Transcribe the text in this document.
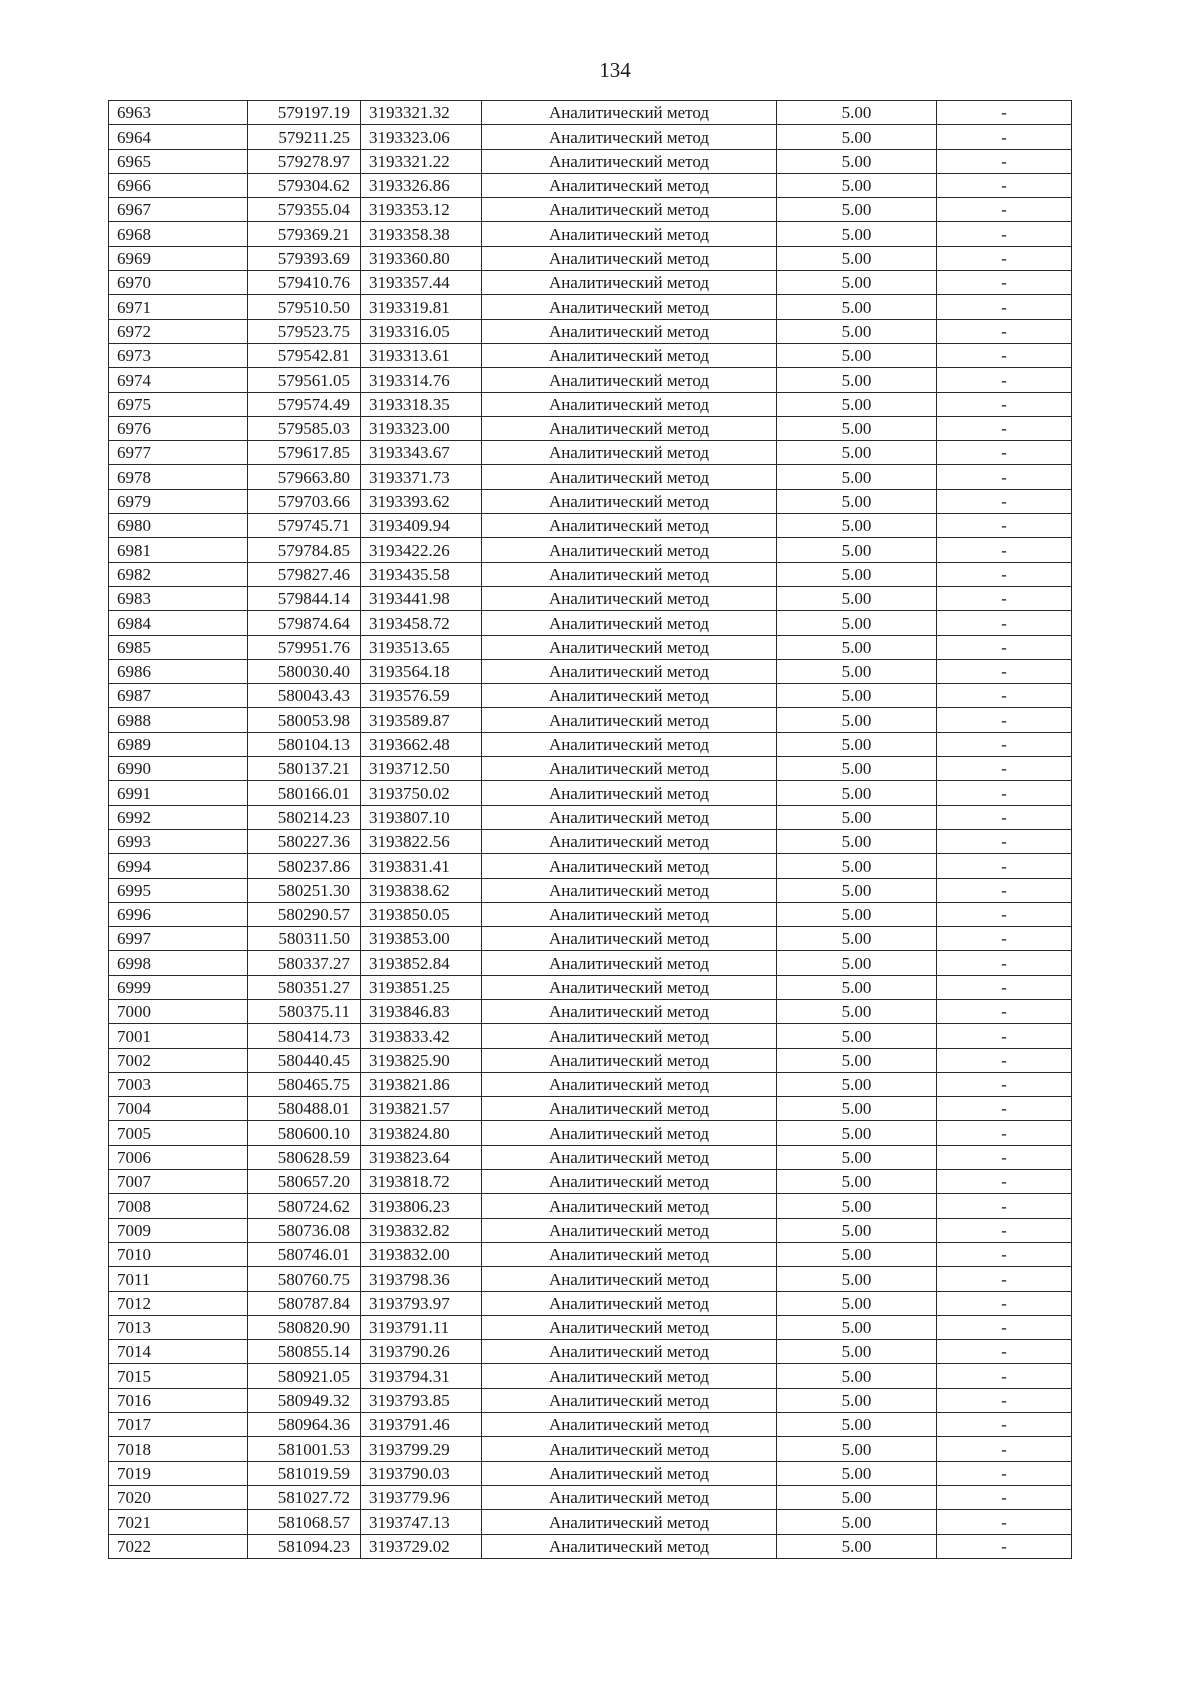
134
6963	579197.19	3193321.32	Аналитический метод	5.00	-
6964	579211.25	3193323.06	Аналитический метод	5.00	-
6965	579278.97	3193321.22	Аналитический метод	5.00	-
6966	579304.62	3193326.86	Аналитический метод	5.00	-
6967	579355.04	3193353.12	Аналитический метод	5.00	-
6968	579369.21	3193358.38	Аналитический метод	5.00	-
6969	579393.69	3193360.80	Аналитический метод	5.00	-
6970	579410.76	3193357.44	Аналитический метод	5.00	-
6971	579510.50	3193319.81	Аналитический метод	5.00	-
6972	579523.75	3193316.05	Аналитический метод	5.00	-
6973	579542.81	3193313.61	Аналитический метод	5.00	-
6974	579561.05	3193314.76	Аналитический метод	5.00	-
6975	579574.49	3193318.35	Аналитический метод	5.00	-
6976	579585.03	3193323.00	Аналитический метод	5.00	-
6977	579617.85	3193343.67	Аналитический метод	5.00	-
6978	579663.80	3193371.73	Аналитический метод	5.00	-
6979	579703.66	3193393.62	Аналитический метод	5.00	-
6980	579745.71	3193409.94	Аналитический метод	5.00	-
6981	579784.85	3193422.26	Аналитический метод	5.00	-
6982	579827.46	3193435.58	Аналитический метод	5.00	-
6983	579844.14	3193441.98	Аналитический метод	5.00	-
6984	579874.64	3193458.72	Аналитический метод	5.00	-
6985	579951.76	3193513.65	Аналитический метод	5.00	-
6986	580030.40	3193564.18	Аналитический метод	5.00	-
6987	580043.43	3193576.59	Аналитический метод	5.00	-
6988	580053.98	3193589.87	Аналитический метод	5.00	-
6989	580104.13	3193662.48	Аналитический метод	5.00	-
6990	580137.21	3193712.50	Аналитический метод	5.00	-
6991	580166.01	3193750.02	Аналитический метод	5.00	-
6992	580214.23	3193807.10	Аналитический метод	5.00	-
6993	580227.36	3193822.56	Аналитический метод	5.00	-
6994	580237.86	3193831.41	Аналитический метод	5.00	-
6995	580251.30	3193838.62	Аналитический метод	5.00	-
6996	580290.57	3193850.05	Аналитический метод	5.00	-
6997	580311.50	3193853.00	Аналитический метод	5.00	-
6998	580337.27	3193852.84	Аналитический метод	5.00	-
6999	580351.27	3193851.25	Аналитический метод	5.00	-
7000	580375.11	3193846.83	Аналитический метод	5.00	-
7001	580414.73	3193833.42	Аналитический метод	5.00	-
7002	580440.45	3193825.90	Аналитический метод	5.00	-
7003	580465.75	3193821.86	Аналитический метод	5.00	-
7004	580488.01	3193821.57	Аналитический метод	5.00	-
7005	580600.10	3193824.80	Аналитический метод	5.00	-
7006	580628.59	3193823.64	Аналитический метод	5.00	-
7007	580657.20	3193818.72	Аналитический метод	5.00	-
7008	580724.62	3193806.23	Аналитический метод	5.00	-
7009	580736.08	3193832.82	Аналитический метод	5.00	-
7010	580746.01	3193832.00	Аналитический метод	5.00	-
7011	580760.75	3193798.36	Аналитический метод	5.00	-
7012	580787.84	3193793.97	Аналитический метод	5.00	-
7013	580820.90	3193791.11	Аналитический метод	5.00	-
7014	580855.14	3193790.26	Аналитический метод	5.00	-
7015	580921.05	3193794.31	Аналитический метод	5.00	-
7016	580949.32	3193793.85	Аналитический метод	5.00	-
7017	580964.36	3193791.46	Аналитический метод	5.00	-
7018	581001.53	3193799.29	Аналитический метод	5.00	-
7019	581019.59	3193790.03	Аналитический метод	5.00	-
7020	581027.72	3193779.96	Аналитический метод	5.00	-
7021	581068.57	3193747.13	Аналитический метод	5.00	-
7022	581094.23	3193729.02	Аналитический метод	5.00	-
